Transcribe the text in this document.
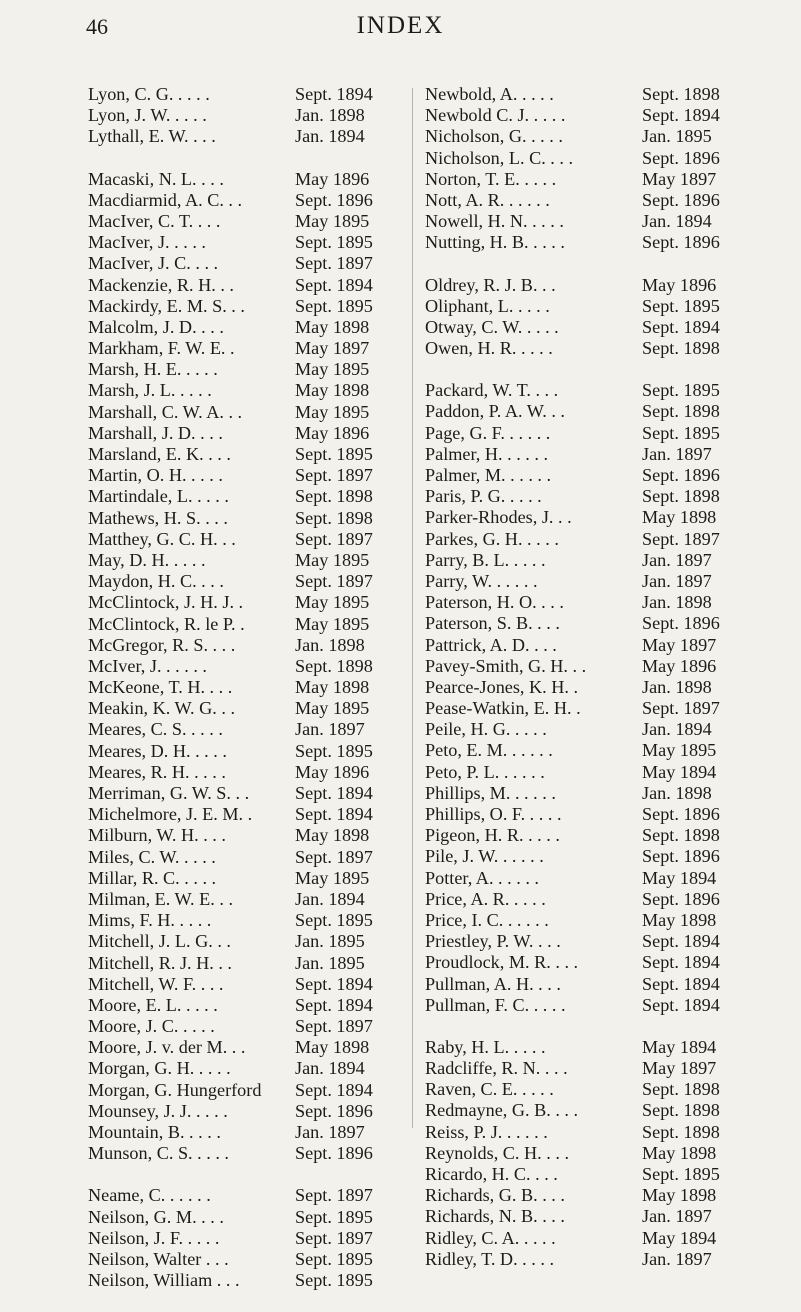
46	INDEX
Lyon, C. G. . . . .	Sept. 1894
Lyon, J. W. . . . .	Jan. 1898
Lythall, E. W. . . .	Jan. 1894
Macaski, N. L. . . .	May 1896
Macdiarmid, A. C. . .	Sept. 1896
MacIver, C. T. . . .	May 1895
MacIver, J. . . . .	Sept. 1895
MacIver, J. C. . . .	Sept. 1897
Mackenzie, R. H. . .	Sept. 1894
Mackirdy, E. M. S. . .	Sept. 1895
Malcolm, J. D. . . .	May 1898
Markham, F. W. E. .	May 1897
Marsh, H. E. . . . .	May 1895
Marsh, J. L. . . . .	May 1898
Marshall, C. W. A. . .	May 1895
Marshall, J. D. . . .	May 1896
Marsland, E. K. . . .	Sept. 1895
Martin, O. H. . . . .	Sept. 1897
Martindale, L. . . . .	Sept. 1898
Mathews, H. S. . . .	Sept. 1898
Matthey, G. C. H. . .	Sept. 1897
May, D. H. . . . .	May 1895
Maydon, H. C. . . .	Sept. 1897
McClintock, J. H. J. .	May 1895
McClintock, R. le P. .	May 1895
McGregor, R. S. . . .	Jan. 1898
McIver, J. . . . . .	Sept. 1898
McKeone, T. H. . . .	May 1898
Meakin, K. W. G. . .	May 1895
Meares, C. S. . . . .	Jan. 1897
Meares, D. H. . . . .	Sept. 1895
Meares, R. H. . . . .	May 1896
Merriman, G. W. S. . .	Sept. 1894
Michelmore, J. E. M. . Sept. 1894
Milburn, W. H. . . .	May 1898
Miles, C. W. . . . .	Sept. 1897
Millar, R. C. . . . .	May 1895
Milman, E. W. E. . .	Jan. 1894
Mims, F. H. . . . .	Sept. 1895
Mitchell, J. L. G. . .	Jan. 1895
Mitchell, R. J. H. . .	Jan. 1895
Mitchell, W. F. . . .	Sept. 1894
Moore, E. L. . . . .	Sept. 1894
Moore, J. C. . . . .	Sept. 1897
Moore, J. v. der M. . .	May 1898
Morgan, G. H. . . . .	Jan. 1894
Morgan, G. Hungerford Sept. 1894
Mounsey, J. J. . . . .	Sept. 1896
Mountain, B. . . . .	Jan. 1897
Munson, C. S. . . . .	Sept. 1896
Neame, C. . . . . .	Sept. 1897
Neilson, G. M. . . .	Sept. 1895
Neilson, J. F. . . . .	Sept. 1897
Neilson, Walter . . .	Sept. 1895
Neilson, William . . .	Sept. 1895
Newbold, A. . . . .	Sept. 1898
Newbold C. J. . . . .	Sept. 1894
Nicholson, G. . . . .	Jan. 1895
Nicholson, L. C. . . .	Sept. 1896
Norton, T. E. . . . .	May 1897
Nott, A. R. . . . . .	Sept. 1896
Nowell, H. N. . . . .	Jan. 1894
Nutting, H. B. . . . .	Sept. 1896
Oldrey, R. J. B. . .	May 1896
Oliphant, L. . . . .	Sept. 1895
Otway, C. W. . . . .	Sept. 1894
Owen, H. R. . . . .	Sept. 1898
Packard, W. T. . . .	Sept. 1895
Paddon, P. A. W. . .	Sept. 1898
Page, G. F. . . . . .	Sept. 1895
Palmer, H. . . . . .	Jan. 1897
Palmer, M. . . . . .	Sept. 1896
Paris, P. G. . . . .	Sept. 1898
Parker-Rhodes, J. . .	May 1898
Parkes, G. H. . . . .	Sept. 1897
Parry, B. L. . . . .	Jan. 1897
Parry, W. . . . . .	Jan. 1897
Paterson, H. O. . . .	Jan. 1898
Paterson, S. B. . . .	Sept. 1896
Pattrick, A. D. . . .	May 1897
Pavey-Smith, G. H. . .	May 1896
Pearce-Jones, K. H. .	Jan. 1898
Pease-Watkin, E. H. .	Sept. 1897
Peile, H. G. . . . .	Jan. 1894
Peto, E. M. . . . . .	May 1895
Peto, P. L. . . . . .	May 1894
Phillips, M. . . . . .	Jan. 1898
Phillips, O. F. . . . .	Sept. 1896
Pigeon, H. R. . . . .	Sept. 1898
Pile, J. W. . . . . .	Sept. 1896
Potter, A. . . . . .	May 1894
Price, A. R. . . . .	Sept. 1896
Price, I. C. . . . . .	May 1898
Priestley, P. W. . . .	Sept. 1894
Proudlock, M. R. . . .	Sept. 1894
Pullman, A. H. . . .	Sept. 1894
Pullman, F. C. . . . .	Sept. 1894
Raby, H. L. . . . .	May 1894
Radcliffe, R. N. . . .	May 1897
Raven, C. E. . . . .	Sept. 1898
Redmayne, G. B. . . .	Sept. 1898
Reiss, P. J. . . . . .	Sept. 1898
Reynolds, C. H. . . .	May 1898
Ricardo, H. C. . . .	Sept. 1895
Richards, G. B. . . .	May 1898
Richards, N. B. . . .	Jan. 1897
Ridley, C. A. . . . .	May 1894
Ridley, T. D. . . . .	Jan. 1897
